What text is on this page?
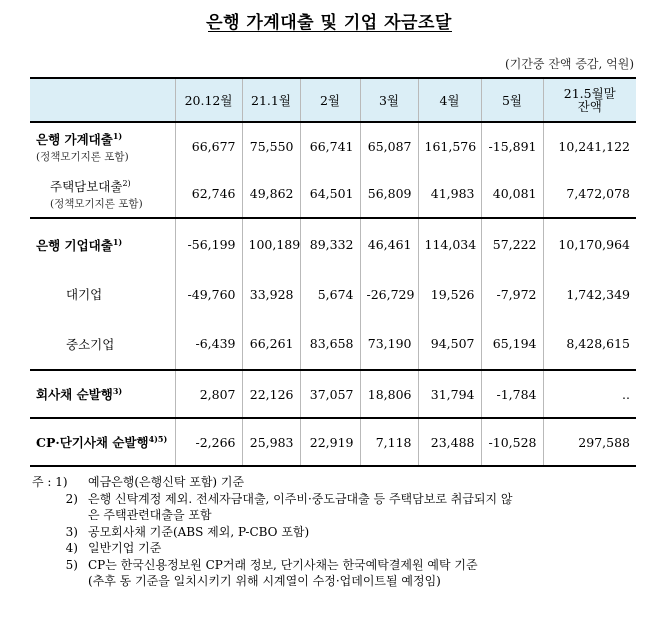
은행 가계대출 및 기업 자금조달
(기간중 잔액 증감, 억원)
	20.12월	21.1월	2월	3월	4월	5월	21.5월말
잔액
은행 가계대출$^{1)}$
(정책모기지론 포함)	66,677	75,550	66,741	65,087	161,576	-15,891	10,241,122
주택담보대출$^{2)}$
(정책모기지론 포함)	62,746	49,862	64,501	56,809	41,983	40,081	7,472,078
은행 기업대출$^{1)}$	-56,199	100,189	89,332	46,461	114,034	57,222	10,170,964
대기업	-49,760	33,928	5,674	-26,729	19,526	-7,972	1,742,349
중소기업	-6,439	66,261	83,658	73,190	94,507	65,194	8,428,615
회사채 순발행$^{3)}$	2,807	22,126	37,057	18,806	31,794	-1,784	..
CP·단기사채 순발행$^{4)5)}$	-2,266	25,983	22,919	7,118	23,488	-10,528	297,588
주 : 1)	예금은행(은행신탁 포함) 기준
2) 은행 신탁계정 제외. 전세자금대출, 이주비·중도금대출 등 주택담보로 취급되지 않
은 주택관련대출을 포함
3) 공모회사채 기준(ABS 제외, P-CBO 포함)
4) 일반기업 기준
5) CP는 한국신용정보원 CP거래 정보, 단기사채는 한국예탁결제원 예탁 기준
(추후 동 기준을 일치시키기 위해 시계열이 수정·업데이트될 예정임)
